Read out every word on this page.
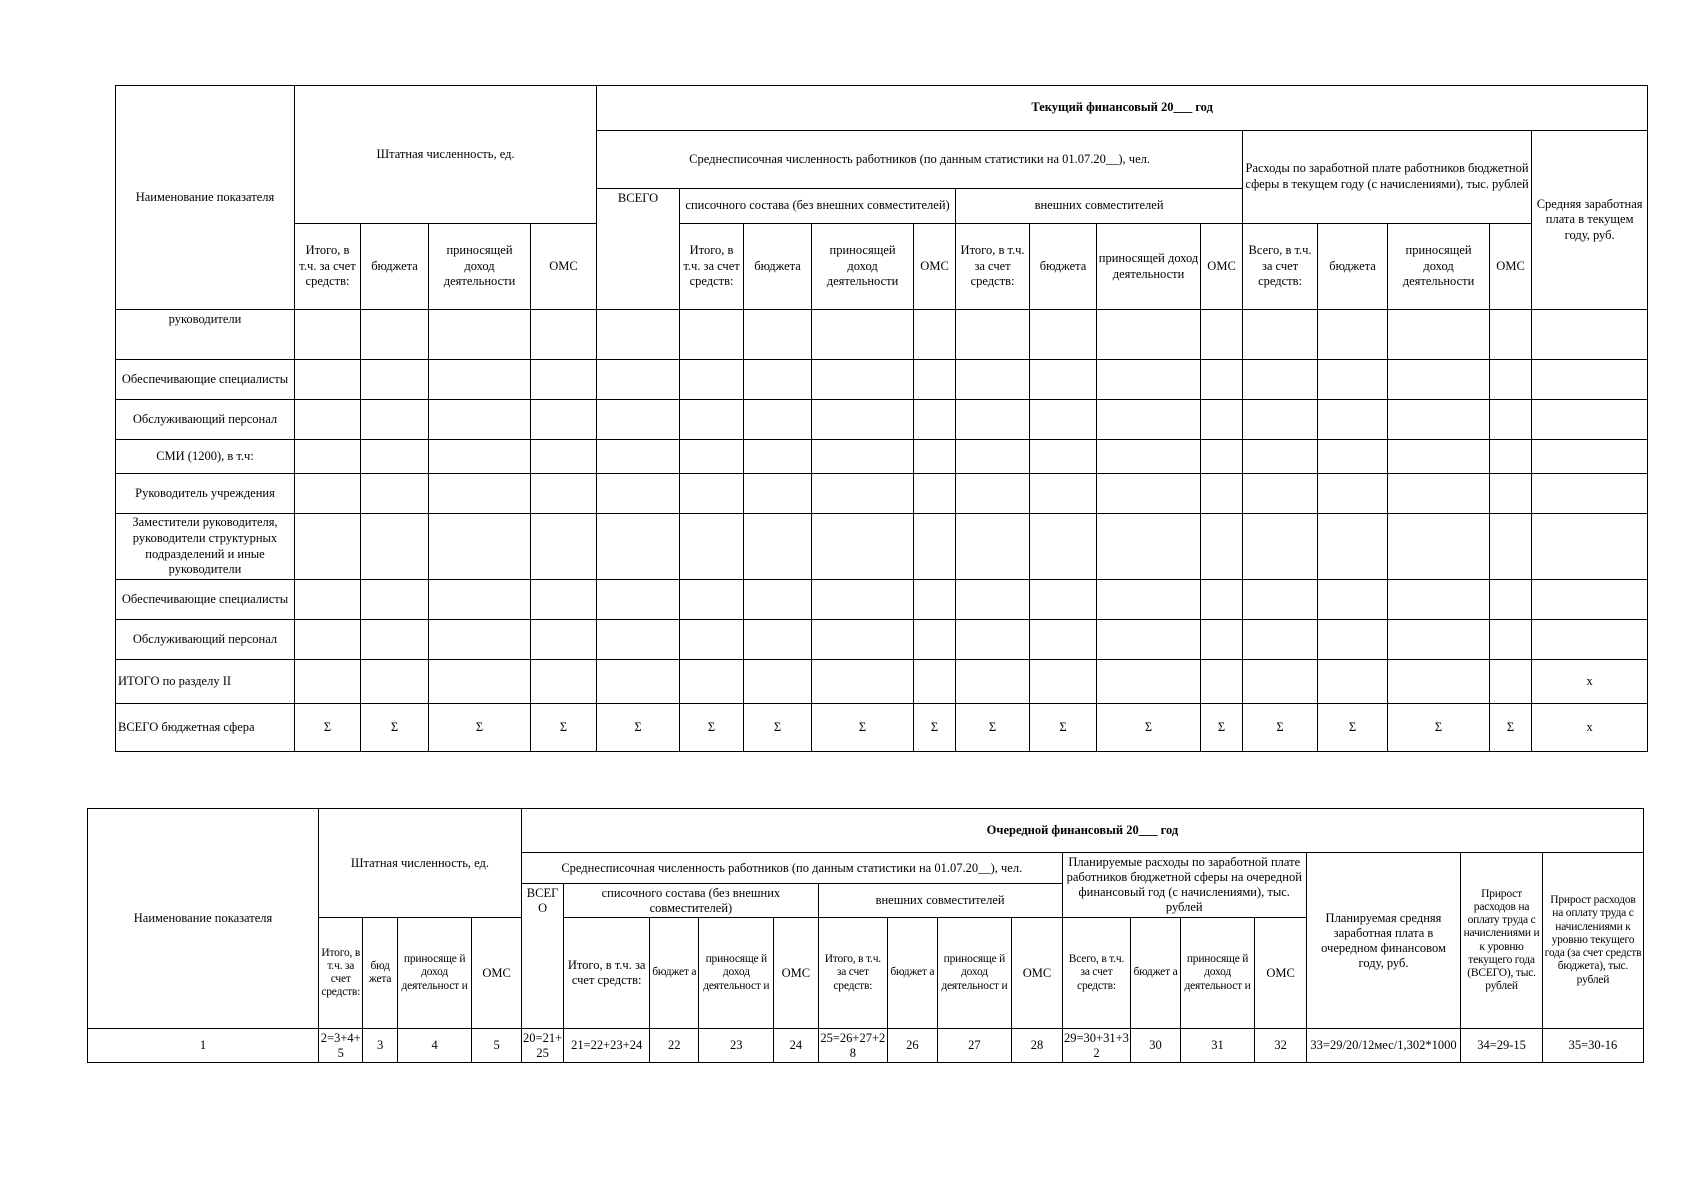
Наименование показателя	Штатная численность, ед.				Текущий финансовый 20___ год													
					Среднесписочная численность работников (по данным статистики на 01.07.20__), чел.									Расходы по заработной плате работников бюджетной сферы в текущем году (с начислениями), тыс. рублей				Средняя заработная плата в текущем году, руб.
					ВСЕГО	списочного состава (без внешних совместителей)				внешних совместителей								
	Итого, в т.ч. за счет средств:	бюджета	приносящей доход деятельности	ОМС		Итого, в т.ч. за счет средств:	бюджета	приносящей доход деятельности	ОМС	Итого, в т.ч. за счет средств:	бюджета	приносящей доход деятельности	ОМС	Всего, в т.ч. за счет средств:	бюджета	приносящей доход деятельности	ОМС	
руководители																		
Обеспечивающие специалисты																		
Обслуживающий персонал																		
СМИ (1200), в т.ч:																		
Руководитель учреждения																		
Заместители руководителя, руководители структурных подразделений и иные руководители																		
Обеспечивающие специалисты																		
Обслуживающий персонал																		
ИТОГО по разделу II																		x
ВСЕГО бюджетная сфера	Σ	Σ	Σ	Σ	Σ	Σ	Σ	Σ	Σ	Σ	Σ	Σ	Σ	Σ	Σ	Σ	Σ	x
Наименование показателя	Штатная численность, ед.				Очередной финансовый 20___ год															
					Среднесписочная численность работников (по данным статистики на 01.07.20__), чел.									Планируемые расходы по заработной плате работников бюджетной сферы на очередной финансовый год (с начислениями), тыс. рублей				Планируемая средняя заработная плата в очередном финансовом году, руб.	Прирост расходов на оплату труда с начислениями и к уровню текущего года (ВСЕГО), тыс. рублей	Прирост расходов на оплату труда с начислениями к уровню текущего года (за счет средств бюджета), тыс. рублей
					ВСЕГ О	списочного состава (без внешних совместителей)				внешних совместителей										
	Итого, в т.ч. за счет средств:	бюд жета	приносяще й доход деятельност и	ОМС		Итого, в т.ч. за счет средств:	бюджет а	приносяще й доход деятельност и	ОМС	Итого, в т.ч. за счет средств:	бюджет а	приносяще й доход деятельност и	ОМС	Всего, в т.ч. за счет средств:	бюджет а	приносяще й доход деятельност и	ОМС			
1	2=3+4+5	3	4	5	20=21+25	21=22+23+24	22	23	24	25=26+27+28	26	27	28	29=30+31+32	30	31	32	33=29/20/12мес/1,302*1000	34=29-15	35=30-16
